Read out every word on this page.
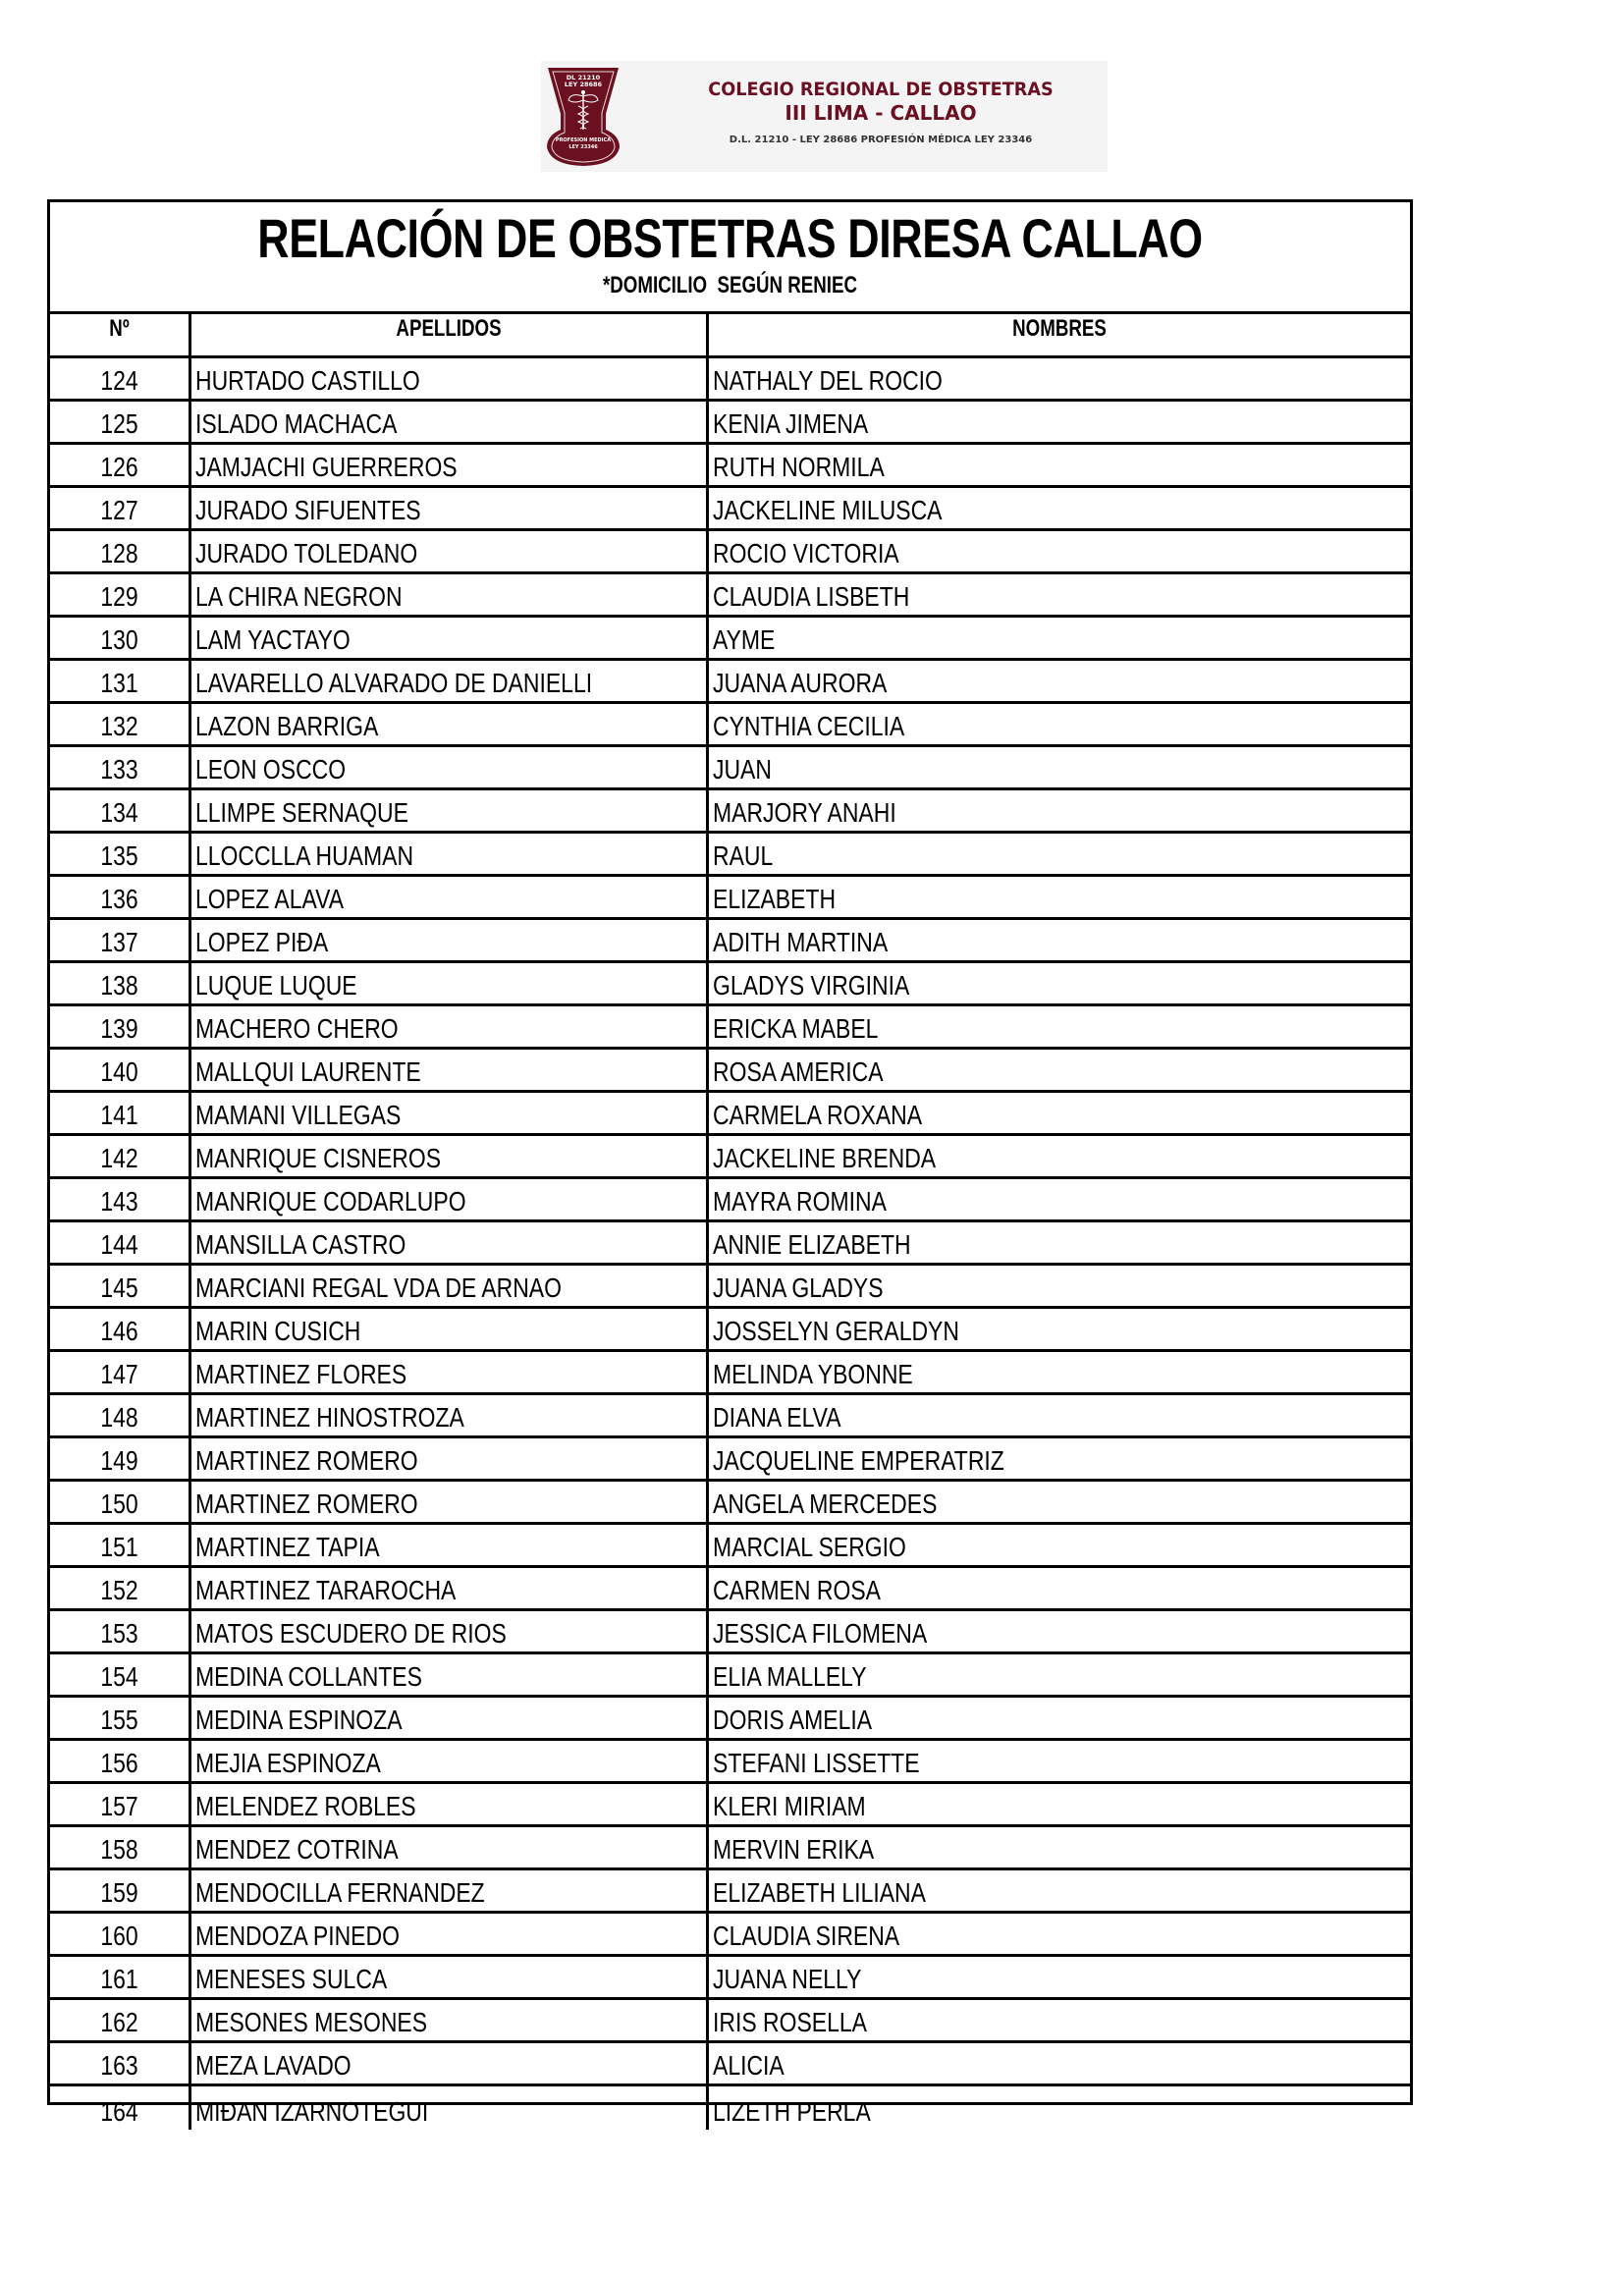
DL 21210
LEY 28686
PROFESION MEDICA
LEY 23346
COLEGIO REGIONAL DE OBSTETRAS
III LIMA - CALLAO
D.L. 21210 - LEY 28686 PROFESIÓN MÉDICA LEY 23346
RELACIÓN DE OBSTETRAS DIRESA CALLAO
*DOMICILIO  SEGÚN RENIEC
Nº	APELLIDOS	NOMBRES
124	HURTADO CASTILLO	NATHALY DEL ROCIO
125	ISLADO MACHACA	KENIA JIMENA
126	JAMJACHI GUERREROS	RUTH NORMILA
127	JURADO SIFUENTES	JACKELINE MILUSCA
128	JURADO TOLEDANO	ROCIO VICTORIA
129	LA CHIRA NEGRON	CLAUDIA LISBETH
130	LAM YACTAYO	AYME
131	LAVARELLO ALVARADO DE DANIELLI	JUANA AURORA
132	LAZON BARRIGA	CYNTHIA CECILIA
133	LEON OSCCO	JUAN
134	LLIMPE SERNAQUE	MARJORY ANAHI
135	LLOCCLLA HUAMAN	RAUL
136	LOPEZ ALAVA	ELIZABETH
137	LOPEZ PIĐA	ADITH MARTINA
138	LUQUE LUQUE	GLADYS VIRGINIA
139	MACHERO CHERO	ERICKA MABEL
140	MALLQUI LAURENTE	ROSA AMERICA
141	MAMANI VILLEGAS	CARMELA ROXANA
142	MANRIQUE CISNEROS	JACKELINE BRENDA
143	MANRIQUE CODARLUPO	MAYRA ROMINA
144	MANSILLA CASTRO	ANNIE ELIZABETH
145	MARCIANI REGAL VDA DE ARNAO	JUANA GLADYS
146	MARIN CUSICH	JOSSELYN GERALDYN
147	MARTINEZ FLORES	MELINDA YBONNE
148	MARTINEZ HINOSTROZA	DIANA ELVA
149	MARTINEZ ROMERO	JACQUELINE EMPERATRIZ
150	MARTINEZ ROMERO	ANGELA MERCEDES
151	MARTINEZ TAPIA	MARCIAL SERGIO
152	MARTINEZ TARAROCHA	CARMEN ROSA
153	MATOS ESCUDERO DE RIOS	JESSICA FILOMENA
154	MEDINA COLLANTES	ELIA MALLELY
155	MEDINA ESPINOZA	DORIS AMELIA
156	MEJIA ESPINOZA	STEFANI LISSETTE
157	MELENDEZ ROBLES	KLERI MIRIAM
158	MENDEZ COTRINA	MERVIN ERIKA
159	MENDOCILLA FERNANDEZ	ELIZABETH LILIANA
160	MENDOZA PINEDO	CLAUDIA SIRENA
161	MENESES SULCA	JUANA NELLY
162	MESONES MESONES	IRIS ROSELLA
163	MEZA LAVADO	ALICIA
164	MIĐAN IZARNOTEGUI	LIZETH PERLA
